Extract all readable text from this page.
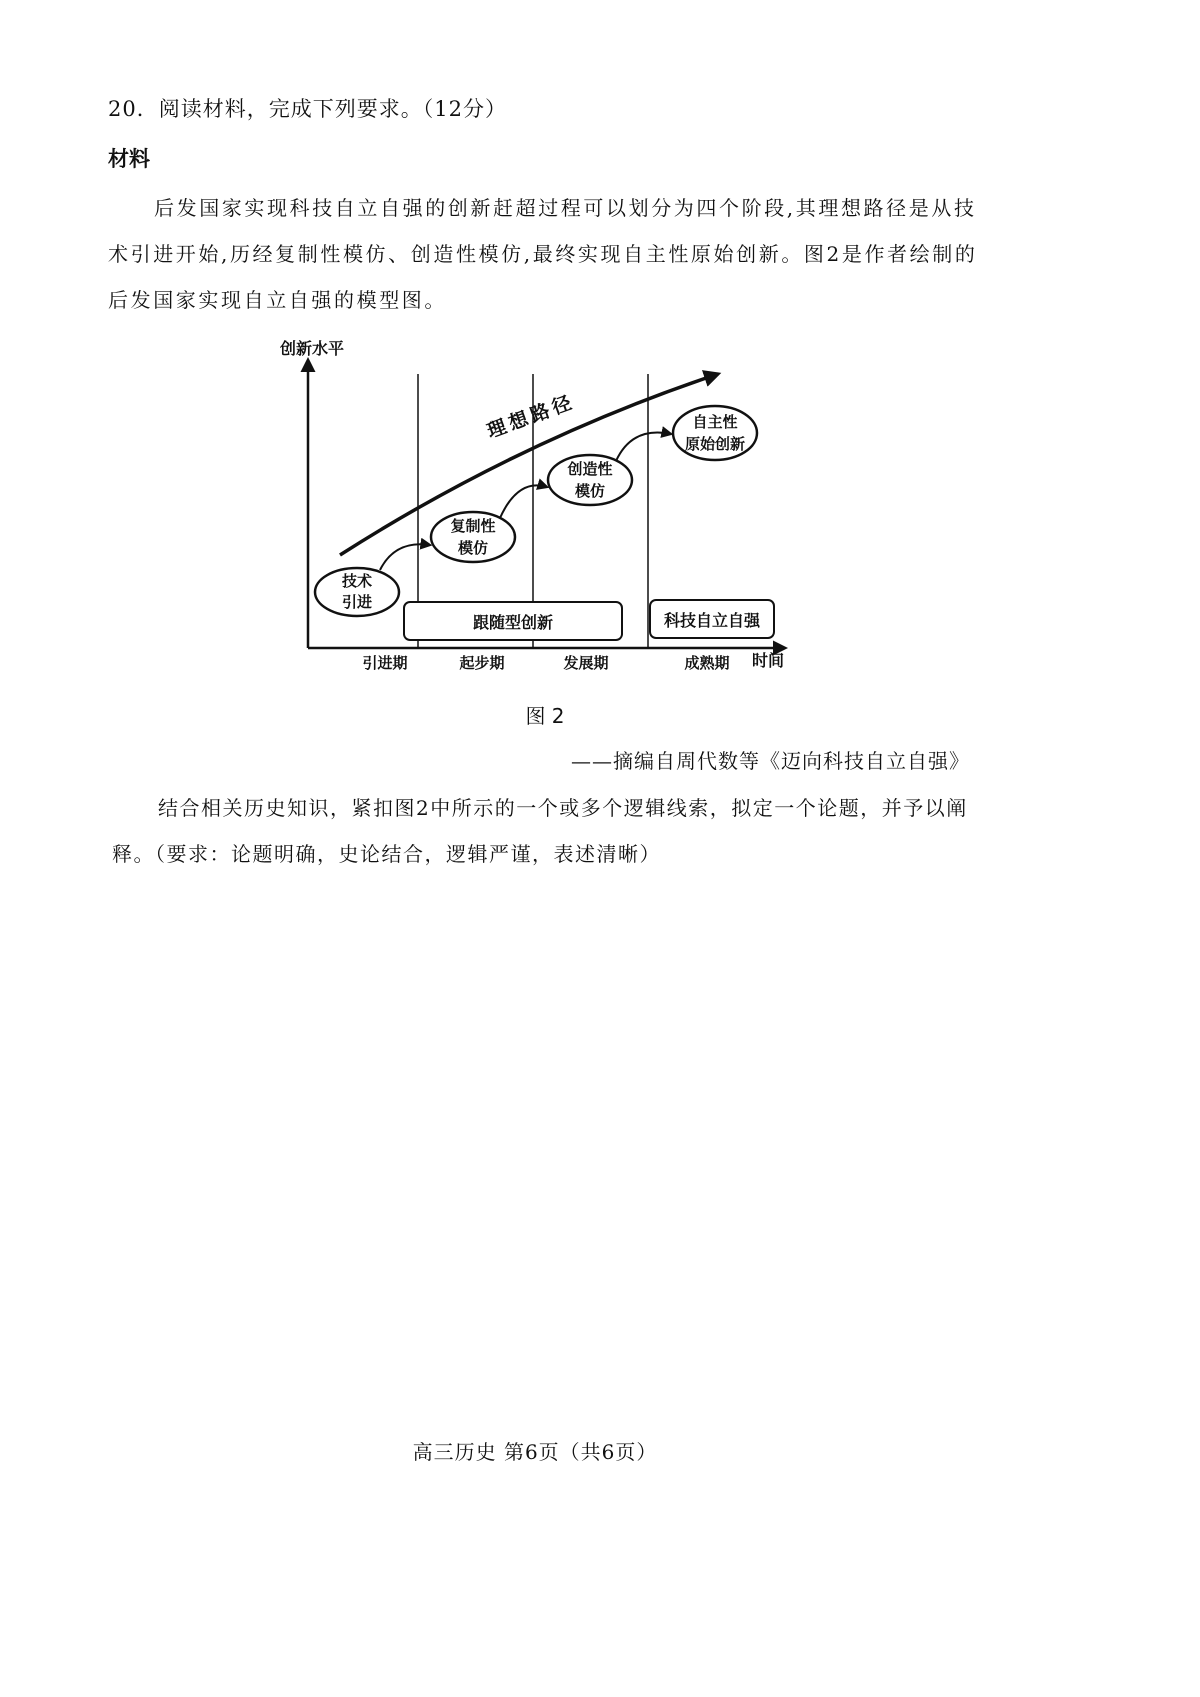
20．阅读材料，完成下列要求。（12分）
材料
后发国家实现科技自立自强的创新赶超过程可以划分为四个阶段,其理想路径是从技术引进开始,历经复制性模仿、创造性模仿,最终实现自主性原始创新。图2是作者绘制的后发国家实现自立自强的模型图。
创新水平
时间
理想路径
技术
引进
复制性
模仿
创造性
模仿
自主性
原始创新
跟随型创新	科技自立自强
引进期	起步期	发展期	成熟期
图 2
——摘编自周代数等《迈向科技自立自强》
结合相关历史知识，紧扣图2中所示的一个或多个逻辑线索，拟定一个论题，并予以阐释。（要求：论题明确，史论结合，逻辑严谨，表述清晰）
高三历史 第6页（共6页）
